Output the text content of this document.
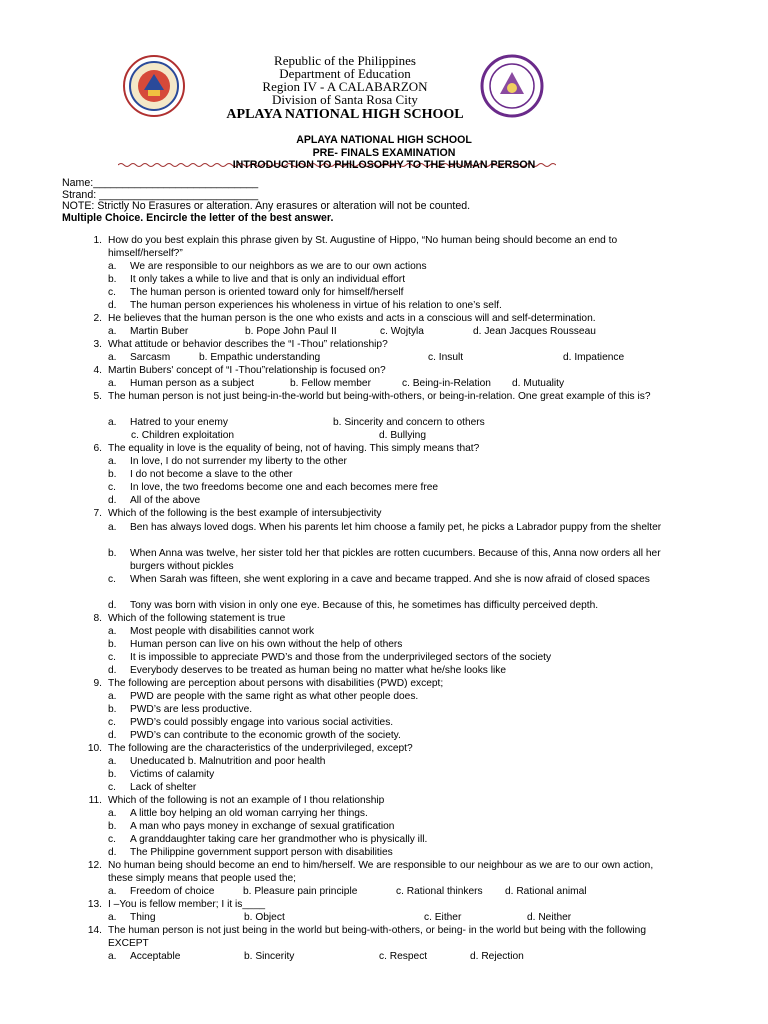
Republic of the Philippines
Department of Education
Region IV - A CALABARZON
Division of Santa Rosa City
APLAYA NATIONAL HIGH SCHOOL
APLAYA NATIONAL HIGH SCHOOL
PRE- FINALS EXAMINATION
INTRODUCTION TO PHILOSOPHY TO THE HUMAN PERSON
Name:____________________________
Strand: ___________________________
NOTE: Strictly No Erasures or alteration. Any erasures or alteration will not be counted.
Multiple Choice. Encircle the letter of the best answer.
1. How do you best explain this phrase given by St. Augustine of Hippo, “No human being should become an end to himself/herself?”
a.	We are responsible to our neighbors as we are to our own actions
b.	It only takes a while to live and that is only an individual effort
c.	The human person is oriented toward only for himself/herself
d.	The human person experiences his wholeness in virtue of his relation to one’s self.
2. He believes that the human person is the one who exists and acts in a conscious will and self-determination.
a.	Martin Buber	b. Pope John Paul II	c. Wojtyla	d. Jean Jacques Rousseau
3. What attitude or behavior describes the “I -Thou” relationship?
a.	Sarcasm	b. Empathic understanding	c. Insult	d. Impatience
4. Martin Bubers' concept of “I -Thou”relationship is focused on?
a.	Human person as a subject	b. Fellow member	c. Being-in-Relation d. Mutuality
5. The human person is not just being-in-the-world but being-with-others, or being-in-relation. One great example of this is?
a.	Hatred to your enemy	b. Sincerity and concern to others
c. Children exploitation	d. Bullying
6. The equality in love is the equality of being, not of having. This simply means that?
a.	In love, I do not surrender my liberty to the other
b.	I do not become a slave to the other
c.	In love, the two freedoms become one and each becomes mere free
d.	All of the above
7. Which of the following is the best example of intersubjectivity
a.	Ben has always loved dogs. When his parents let him choose a family pet, he picks a Labrador puppy from the shelter
b.	When Anna was twelve, her sister told her that pickles are rotten cucumbers. Because of this, Anna now orders all her burgers without pickles
c.	When Sarah was fifteen, she went exploring in a cave and became trapped. And she is now afraid of closed spaces
d.	Tony was born with vision in only one eye. Because of this, he sometimes has difficulty perceived depth.
8. Which of the following statement is true
a.	Most people with disabilities cannot work
b.	Human person can live on his own without the help of others
c.	It is impossible to appreciate PWD’s and those from the underprivileged sectors of the society
d.	Everybody deserves to be treated as human being no matter what he/she looks like
9. The following are perception about persons with disabilities (PWD) except;
a.	PWD are people with the same right as what other people does.
b.	PWD’s are less productive.
c.	PWD’s could possibly engage into various social activities.
d.	PWD’s can contribute to the economic growth of the society.
10. The following are the characteristics of the underprivileged, except?
a.	Uneducated b. Malnutrition and poor health
b.	Victims of calamity
c.	Lack of shelter
11. Which of the following is not an example of I thou relationship
a.	A little boy helping an old woman carrying her things.
b.	A man who pays money in exchange of sexual gratification
c.	A granddaughter taking care her grandmother who is physically ill.
d.	The Philippine government support person with disabilities
12. No human being should become an end to him/herself. We are responsible to our neighbour as we are to our own action, these simply means that people used the;
a.	Freedom of choice	b. Pleasure pain principle	c. Rational thinkers d. Rational animal
13. I –You is fellow member; I it is____
a.	Thing	b. Object	c. Either	d. Neither
14. The human person is not just being in the world but being-with-others, or being- in the world but being with the following EXCEPT
a.	Acceptable	b. Sincerity	c. Respect	d. Rejection
